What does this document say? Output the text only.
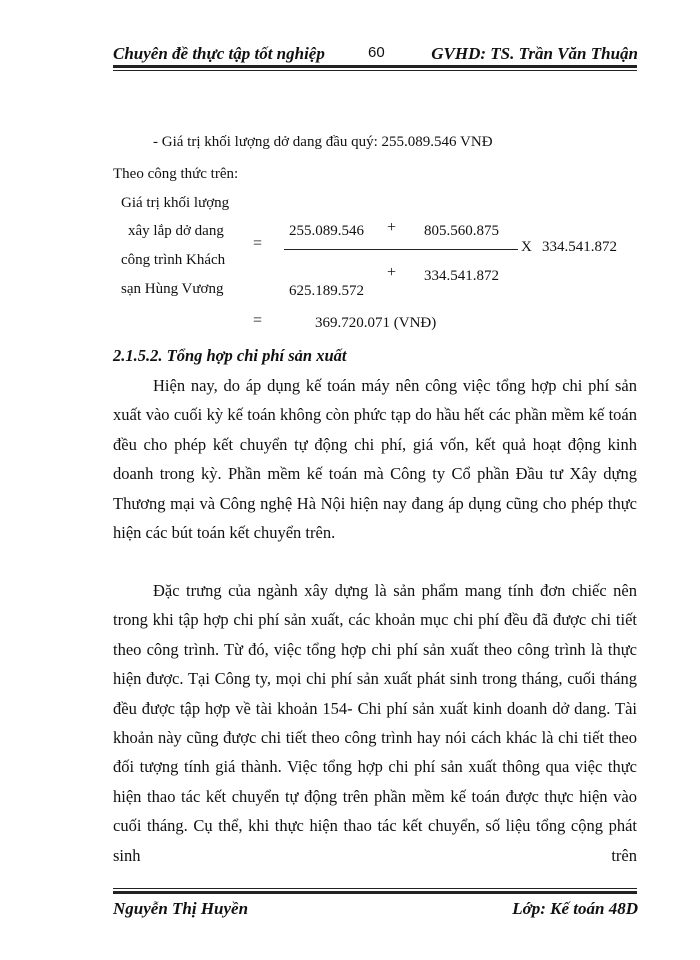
Chuyên đề thực tập tốt nghiệp	60	GVHD: TS. Trần Văn Thuận
- Giá trị khối lượng dở dang đầu quý: 255.089.546 VNĐ
Theo công thức trên:
Giá trị khối lượng
xây lắp dở dang
công trình Khách
sạn Hùng Vương
=
255.089.546 + 805.560.875
X 334.541.872
+ 334.541.872
625.189.572
=	369.720.071 (VNĐ)
2.1.5.2. Tổng hợp chi phí sản xuất

Hiện nay, do áp dụng kế toán máy nên công việc tổng hợp chi phí sản xuất vào cuối kỳ kế toán không còn phức tạp do hầu hết các phần mềm kế toán đều cho phép kết chuyển tự động chi phí, giá vốn, kết quả hoạt động kinh doanh trong kỳ. Phần mềm kế toán mà Công ty Cổ phần Đầu tư Xây dựng Thương mại và Công nghệ Hà Nội hiện nay đang áp dụng cũng cho phép thực hiện các bút toán kết chuyển trên.

Đặc trưng của ngành xây dựng là sản phẩm mang tính đơn chiếc nên trong khi tập hợp chi phí sản xuất, các khoản mục chi phí đều đã được chi tiết theo công trình. Từ đó, việc tổng hợp chi phí sản xuất theo công trình là thực hiện được. Tại Công ty, mọi chi phí sản xuất phát sinh trong tháng, cuối tháng đều được tập hợp về tài khoản 154- Chi phí sản xuất kinh doanh dở dang. Tài khoản này cũng được chi tiết theo công trình hay nói cách khác là chi tiết theo đối tượng tính giá thành. Việc tổng hợp chi phí sản xuất thông qua việc thực hiện thao tác kết chuyển tự động trên phần mềm kế toán được thực hiện vào cuối tháng. Cụ thể, khi thực hiện thao tác kết chuyển, số liệu tổng cộng phát sinh trên

Nguyễn Thị Huyền	Lớp: Kế toán 48D
